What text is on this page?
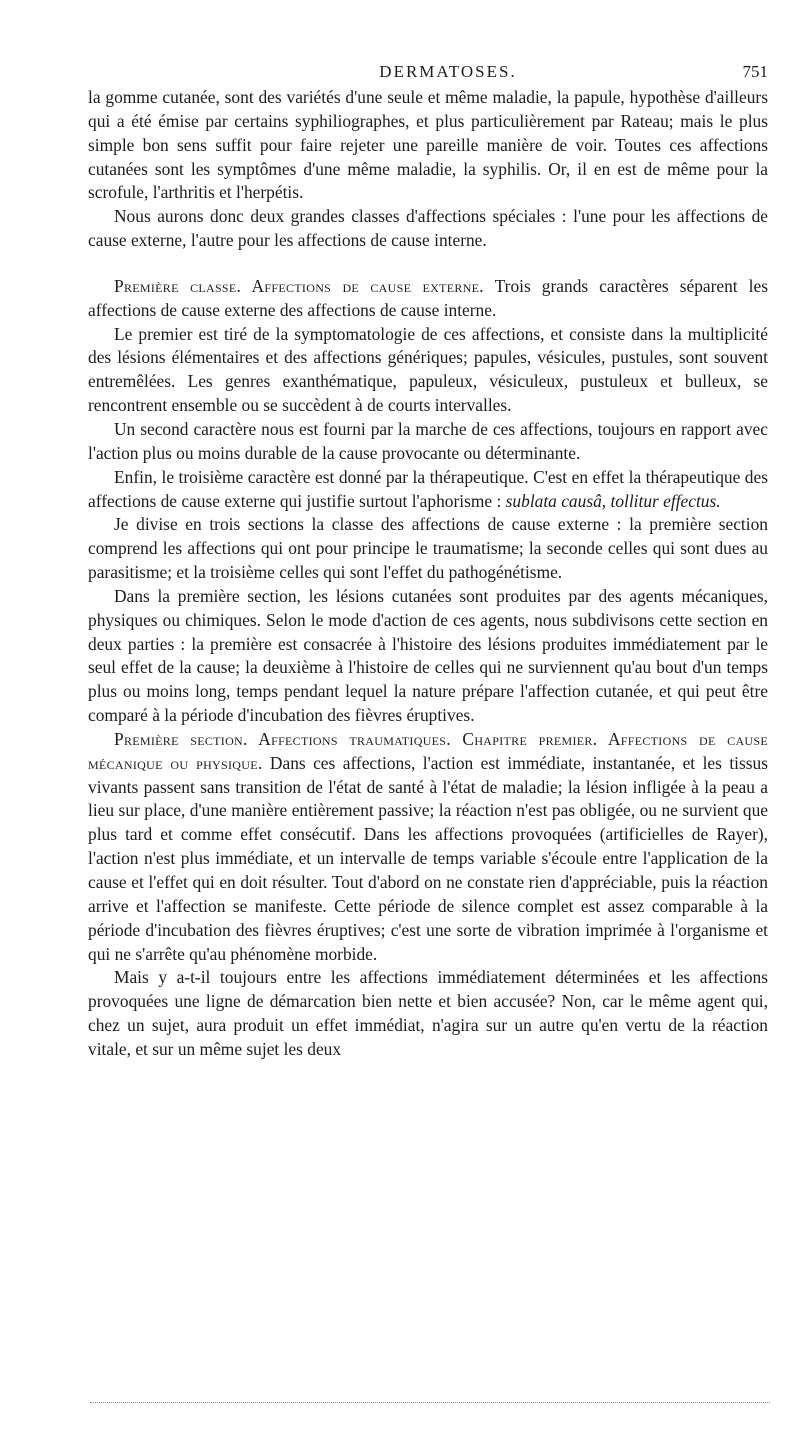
DERMATOSES.	751

la gomme cutanée, sont des variétés d'une seule et même maladie, la papule, hypothèse d'ailleurs qui a été émise par certains syphiliographes, et plus particulièrement par Rateau; mais le plus simple bon sens suffit pour faire rejeter une pareille manière de voir. Toutes ces affections cutanées sont les symptômes d'une même maladie, la syphilis. Or, il en est de même pour la scrofule, l'arthritis et l'herpétis.

Nous aurons donc deux grandes classes d'affections spéciales : l'une pour les affections de cause externe, l'autre pour les affections de cause interne.

Première classe. Affections de cause externe. Trois grands caractères séparent les affections de cause externe des affections de cause interne.

Le premier est tiré de la symptomatologie de ces affections, et consiste dans la multiplicité des lésions élémentaires et des affections génériques; papules, vésicules, pustules, sont souvent entremêlées. Les genres exanthématique, papuleux, vésiculeux, pustuleux et bulleux, se rencontrent ensemble ou se succèdent à de courts intervalles.

Un second caractère nous est fourni par la marche de ces affections, toujours en rapport avec l'action plus ou moins durable de la cause provocante ou déterminante.

Enfin, le troisième caractère est donné par la thérapeutique. C'est en effet la thérapeutique des affections de cause externe qui justifie surtout l'aphorisme : sublata causâ, tollitur effectus.

Je divise en trois sections la classe des affections de cause externe : la première section comprend les affections qui ont pour principe le traumatisme; la seconde celles qui sont dues au parasitisme; et la troisième celles qui sont l'effet du pathogénétisme.

Dans la première section, les lésions cutanées sont produites par des agents mécaniques, physiques ou chimiques. Selon le mode d'action de ces agents, nous subdivisons cette section en deux parties : la première est consacrée à l'histoire des lésions produites immédiatement par le seul effet de la cause; la deuxième à l'histoire de celles qui ne surviennent qu'au bout d'un temps plus ou moins long, temps pendant lequel la nature prépare l'affection cutanée, et qui peut être comparé à la période d'incubation des fièvres éruptives.

Première section. Affections traumatiques. Chapitre premier. Affections de cause mécanique ou physique. Dans ces affections, l'action est immédiate, instantanée, et les tissus vivants passent sans transition de l'état de santé à l'état de maladie; la lésion infligée à la peau a lieu sur place, d'une manière entièrement passive; la réaction n'est pas obligée, ou ne survient que plus tard et comme effet consécutif. Dans les affections provoquées (artificielles de Rayer), l'action n'est plus immédiate, et un intervalle de temps variable s'écoule entre l'application de la cause et l'effet qui en doit résulter. Tout d'abord on ne constate rien d'appréciable, puis la réaction arrive et l'affection se manifeste. Cette période de silence complet est assez comparable à la période d'incubation des fièvres éruptives; c'est une sorte de vibration imprimée à l'organisme et qui ne s'arrête qu'au phénomène morbide.

Mais y a-t-il toujours entre les affections immédiatement déterminées et les affections provoquées une ligne de démarcation bien nette et bien accusée? Non, car le même agent qui, chez un sujet, aura produit un effet immédiat, n'agira sur un autre qu'en vertu de la réaction vitale, et sur un même sujet les deux
